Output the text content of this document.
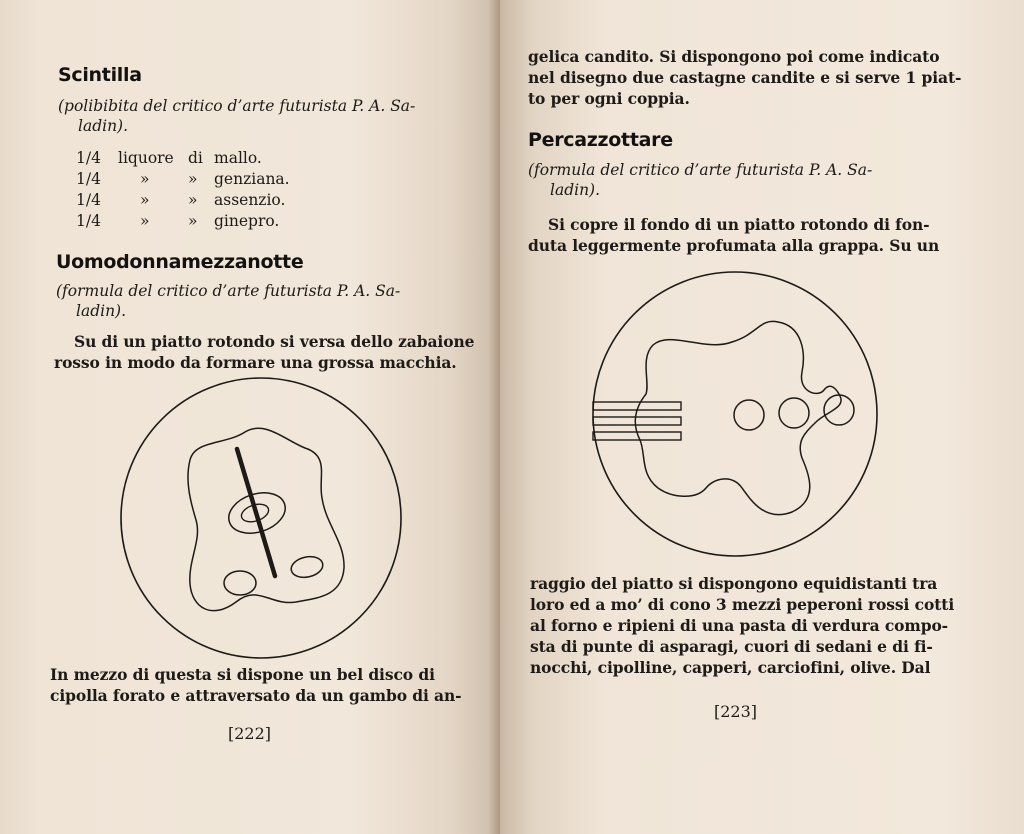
Scintilla
(polibibita del critico d’arte futurista P. A. Sa-
ladin).
1/4	liquore di mallo.
1/4	»	»	genziana.
1/4	»	»	assenzio.
1/4	»	»	ginepro.
Uomodonnamezzanotte
(formula del critico d’arte futurista P. A. Sa-
ladin).
Su di un piatto rotondo si versa dello zabaione
rosso in modo da formare una grossa macchia.
In mezzo di questa si dispone un bel disco di
cipolla forato e attraversato da un gambo di an-
[222]
gelica candito. Si dispongono poi come indicato
nel disegno due castagne candite e si serve 1 piat-
to per ogni coppia.
Percazzottare
(formula del critico d’arte futurista P. A. Sa-
ladin).
Si copre il fondo di un piatto rotondo di fon-
duta leggermente profumata alla grappa. Su un
raggio del piatto si dispongono equidistanti tra
loro ed a mo’ di cono 3 mezzi peperoni rossi cotti
al forno e ripieni di una pasta di verdura compo-
sta di punte di asparagi, cuori di sedani e di fi-
nocchi, cipolline, capperi, carciofini, olive. Dal
[223]
